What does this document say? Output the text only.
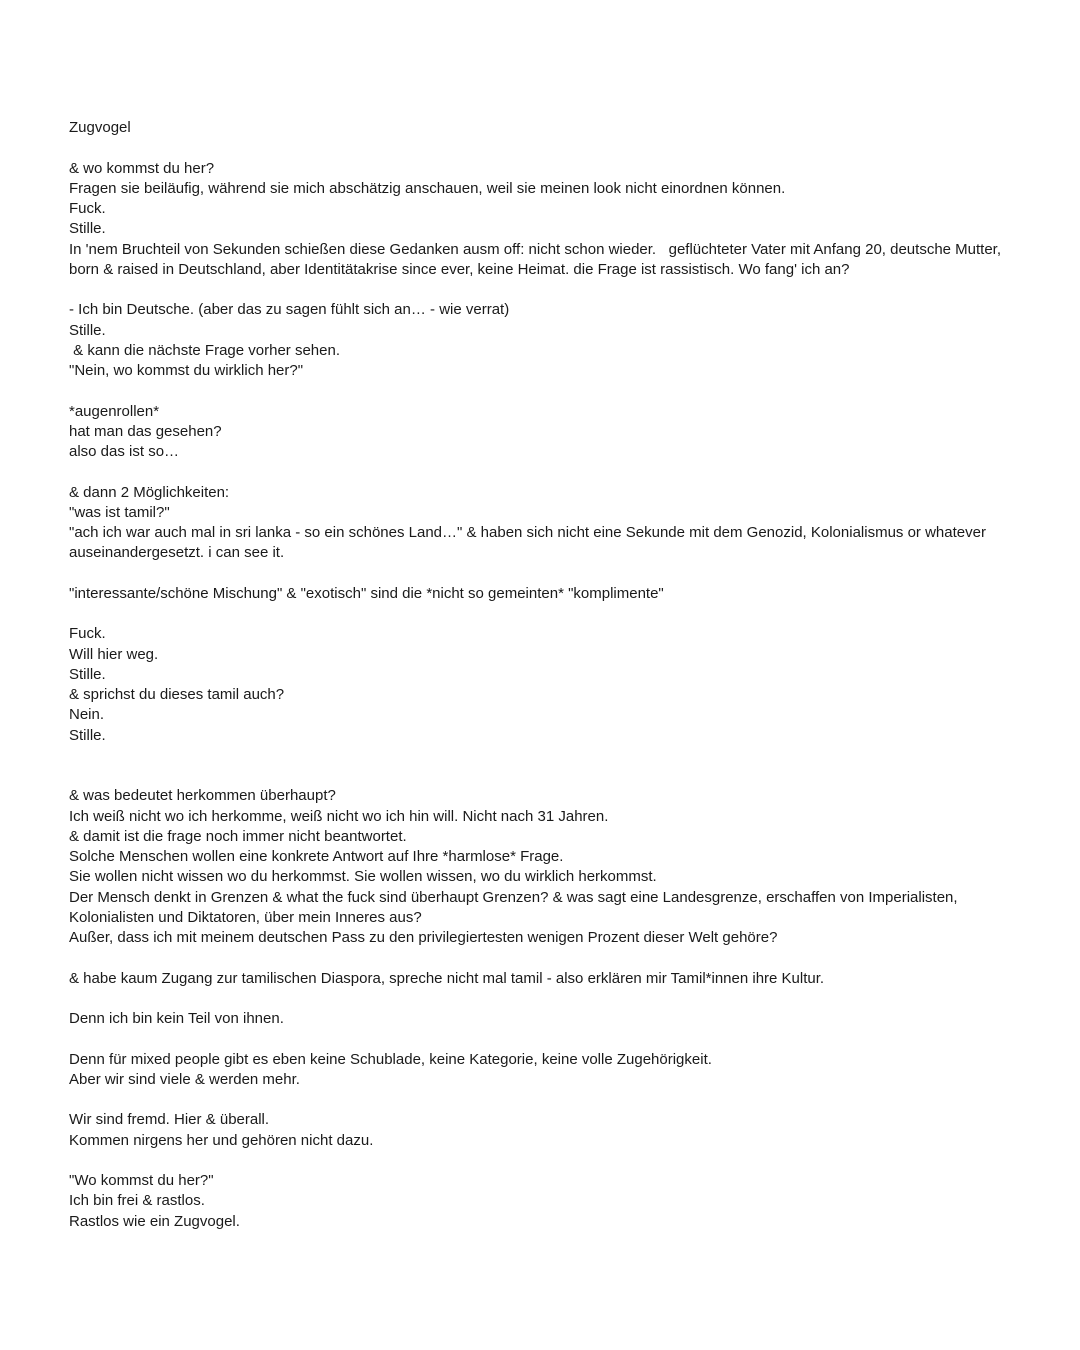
Zugvogel
& wo kommst du her?
Fragen sie beiläufig, während sie mich abschätzig anschauen, weil sie meinen look nicht einordnen können.
Fuck.
Stille.
In 'nem Bruchteil von Sekunden schießen diese Gedanken ausm off: nicht schon wieder.   geflüchteter Vater mit Anfang 20, deutsche Mutter, born & raised in Deutschland, aber Identitätakrise since ever, keine Heimat. die Frage ist rassistisch. Wo fang' ich an?
- Ich bin Deutsche. (aber das zu sagen fühlt sich an… - wie verrat)
Stille.
& kann die nächste Frage vorher sehen.
"Nein, wo kommst du wirklich her?"
*augenrollen*
hat man das gesehen?
also das ist so…
& dann 2 Möglichkeiten:
"was ist tamil?"
"ach ich war auch mal in sri lanka - so ein schönes Land…" & haben sich nicht eine Sekunde mit dem Genozid, Kolonialismus or whatever auseinandergesetzt. i can see it.
"interessante/schöne Mischung" & "exotisch" sind die *nicht so gemeinten* "komplimente"
Fuck.
Will hier weg.
Stille.
& sprichst du dieses tamil auch?
Nein.
Stille.
& was bedeutet herkommen überhaupt?
Ich weiß nicht wo ich herkomme, weiß nicht wo ich hin will. Nicht nach 31 Jahren.
& damit ist die frage noch immer nicht beantwortet.
Solche Menschen wollen eine konkrete Antwort auf Ihre *harmlose* Frage.
Sie wollen nicht wissen wo du herkommst. Sie wollen wissen, wo du wirklich herkommst.
Der Mensch denkt in Grenzen & what the fuck sind überhaupt Grenzen? & was sagt eine Landesgrenze, erschaffen von Imperialisten, Kolonialisten und Diktatoren, über mein Inneres aus?
Außer, dass ich mit meinem deutschen Pass zu den privilegiertesten wenigen Prozent dieser Welt gehöre?
& habe kaum Zugang zur tamilischen Diaspora, spreche nicht mal tamil - also erklären mir Tamil*innen ihre Kultur.
Denn ich bin kein Teil von ihnen.
Denn für mixed people gibt es eben keine Schublade, keine Kategorie, keine volle Zugehörigkeit.
Aber wir sind viele & werden mehr.
Wir sind fremd. Hier & überall.
Kommen nirgens her und gehören nicht dazu.
"Wo kommst du her?"
Ich bin frei & rastlos.
Rastlos wie ein Zugvogel.
